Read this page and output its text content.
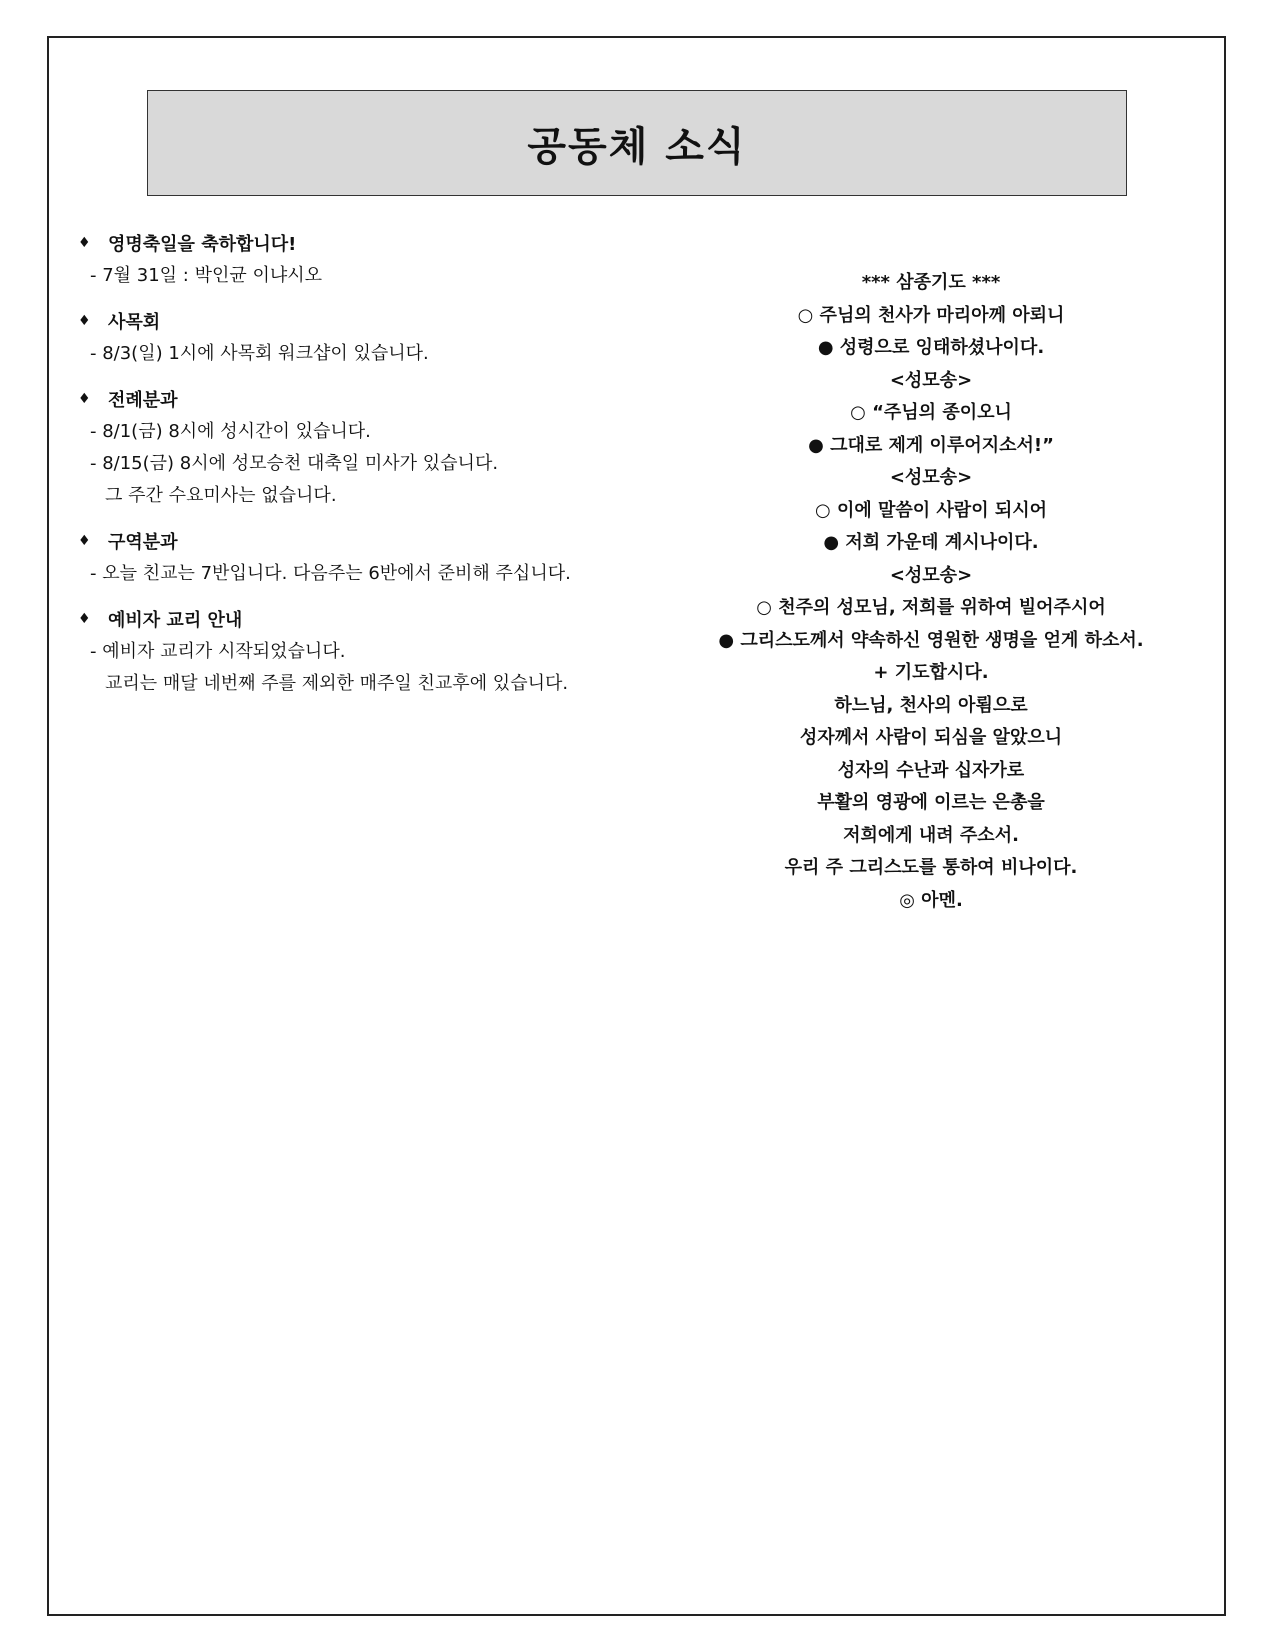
공동체 소식
♦ 영명축일을 축하합니다!
- 7월 31일 : 박인균 이냐시오
♦ 사목회
- 8/3(일) 1시에 사목회 워크샵이 있습니다.
♦ 전례분과
- 8/1(금) 8시에 성시간이 있습니다.
- 8/15(금) 8시에 성모승천 대축일 미사가 있습니다.
그 주간 수요미사는 없습니다.
♦ 구역분과
- 오늘 친교는 7반입니다. 다음주는 6반에서 준비해 주십니다.
♦ 예비자 교리 안내
- 예비자 교리가 시작되었습니다.
교리는 매달 네번째 주를 제외한 매주일 친교후에 있습니다.
*** 삼종기도 ***
○ 주님의 천사가 마리아께 아뢰니
● 성령으로 잉태하셨나이다.
<성모송>
○ “주님의 종이오니
● 그대로 제게 이루어지소서!”
<성모송>
○ 이에 말씀이 사람이 되시어
● 저희 가운데 계시나이다.
<성모송>
○ 천주의 성모님, 저희를 위하여 빌어주시어
● 그리스도께서 약속하신 영원한 생명을 얻게 하소서.
+ 기도합시다.
하느님, 천사의 아룀으로
성자께서 사람이 되심을 알았으니
성자의 수난과 십자가로
부활의 영광에 이르는 은총을
저희에게 내려 주소서.
우리 주 그리스도를 통하여 비나이다.
◎ 아멘.
